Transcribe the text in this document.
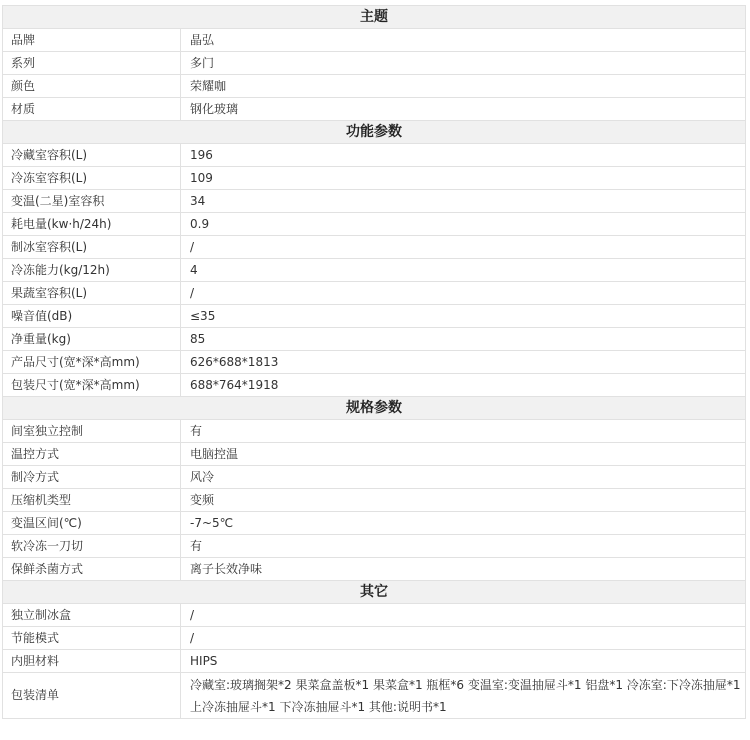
主题	
品牌	晶弘
系列	多门
颜色	荣耀咖
材质	钢化玻璃
功能参数	
冷藏室容积(L)	196
冷冻室容积(L)	109
变温(二星)室容积	34
耗电量(kw·h/24h)	0.9
制冰室容积(L)	/
冷冻能力(kg/12h)	4
果蔬室容积(L)	/
噪音值(dB)	≤35
净重量(kg)	85
产品尺寸(宽*深*高mm)	626*688*1813
包装尺寸(宽*深*高mm)	688*764*1918
规格参数	
间室独立控制	有
温控方式	电脑控温
制冷方式	风冷
压缩机类型	变频
变温区间(℃)	-7~5℃
软冷冻一刀切	有
保鲜杀菌方式	离子长效净味
其它	
独立制冰盒	/
节能模式	/
内胆材料	HIPS
包装清单	冷藏室:玻璃搁架*2 果菜盒盖板*1 果菜盒*1 瓶框*6 变温室:变温抽屉斗*1 铝盘*1 冷冻室:下冷冻抽屉*1 上冷冻抽屉斗*1 下冷冻抽屉斗*1 其他:说明书*1
